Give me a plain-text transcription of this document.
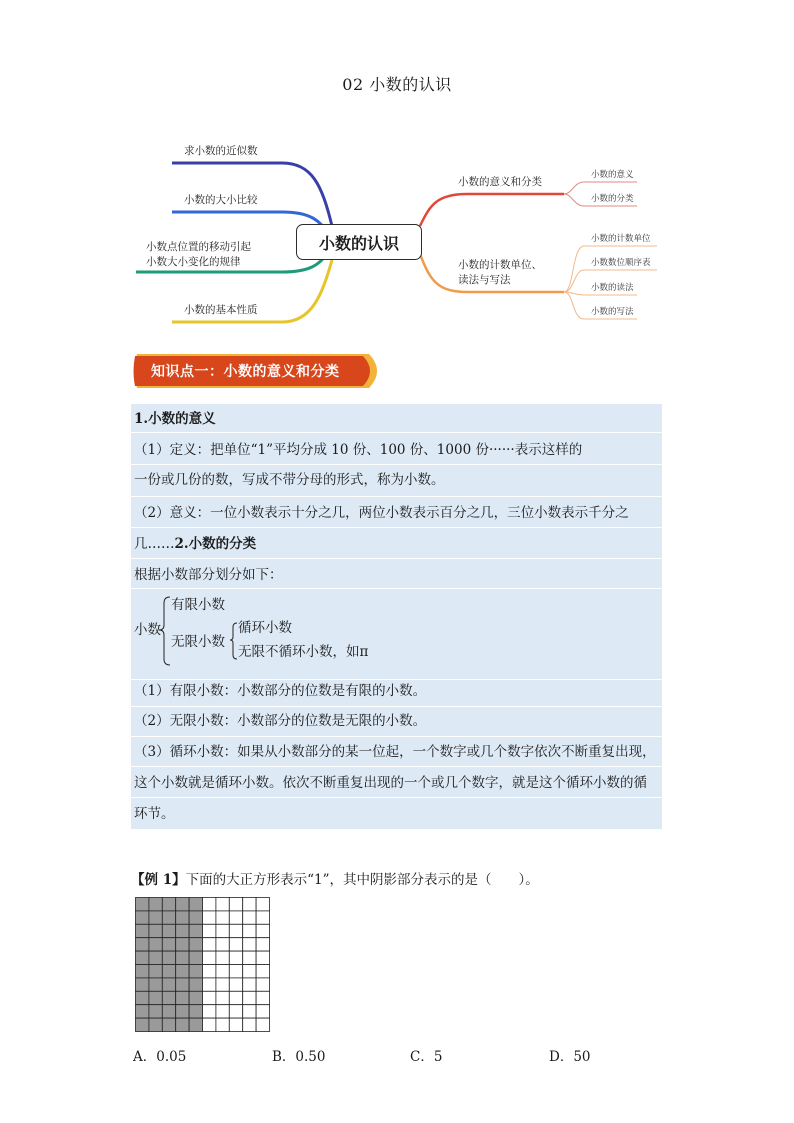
02 小数的认识
求小数的近似数
小数的大小比较
小数点位置的移动引起
小数大小变化的规律
小数的基本性质
小数的认识
小数的意义和分类
小数的计数单位、
读法与写法
小数的意义
小数的分类
小数的计数单位
小数数位顺序表
小数的读法
小数的写法
知识点一：小数的意义和分类
1.小数的意义
（1）定义：把单位“1”平均分成 10 份、100 份、1000 份······表示这样的
一份或几份的数，写成不带分母的形式，称为小数。
（2）意义：一位小数表示十分之几，两位小数表示百分之几，三位小数表示千分之
几……2.小数的分类
根据小数部分划分如下：
小数
有限小数
无限小数
循环小数
无限不循环小数，如π
（1）有限小数：小数部分的位数是有限的小数。
（2）无限小数：小数部分的位数是无限的小数。
（3）循环小数：如果从小数部分的某一位起，一个数字或几个数字依次不断重复出现，
这个小数就是循环小数。依次不断重复出现的一个或几个数字，就是这个循环小数的循
环节。
【例 1】下面的大正方形表示“1”，其中阴影部分表示的是（　　）。
A．0.05	B．0.50	C．5	D．50
